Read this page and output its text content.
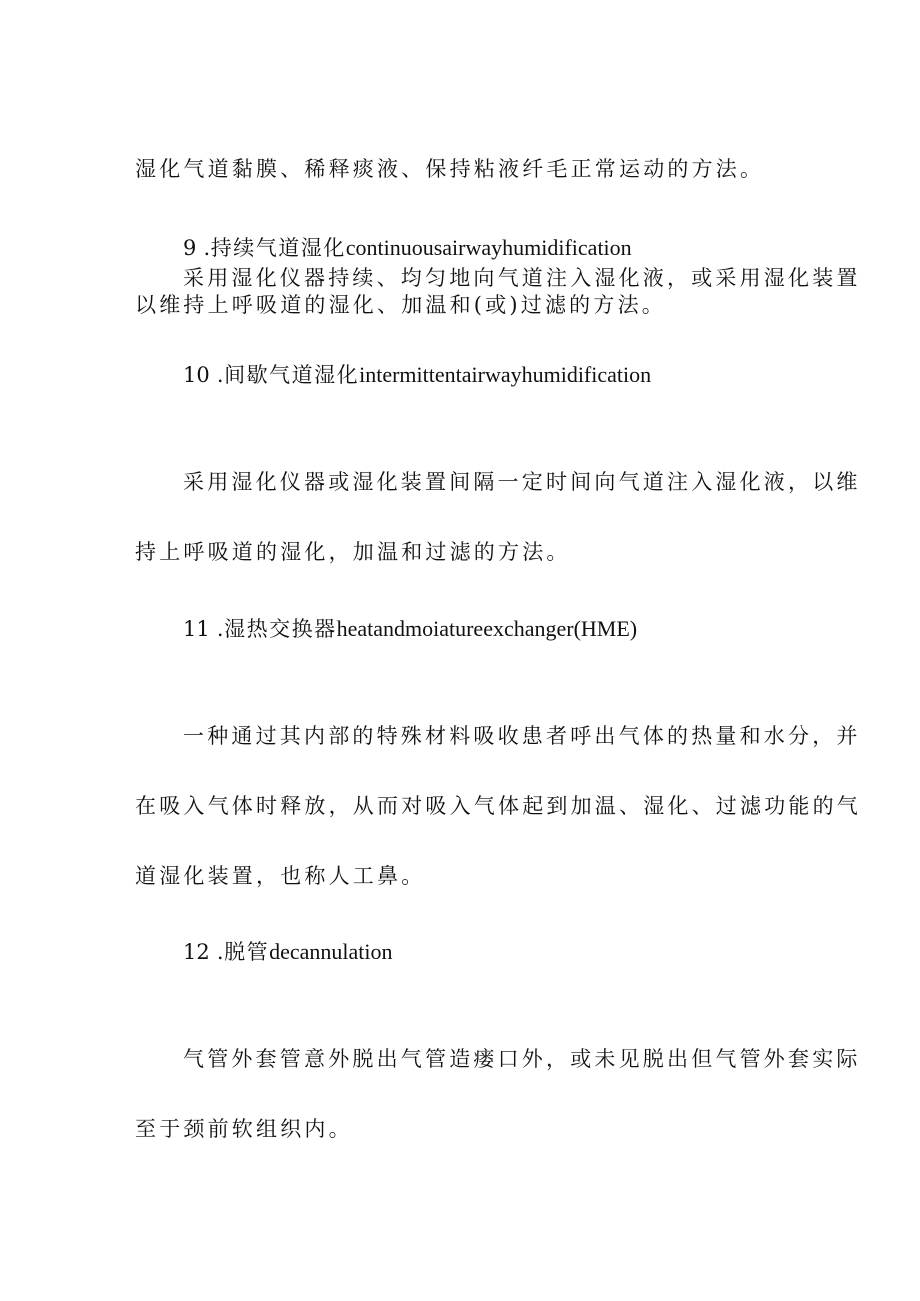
湿化气道黏膜、稀释痰液、保持粘液纤毛正常运动的方法。
9 .持续气道湿化continuousairwayhumidification
采用湿化仪器持续、均匀地向气道注入湿化液，或采用湿化装置
以维持上呼吸道的湿化、加温和(或)过滤的方法。
10 .间歇气道湿化intermittentairwayhumidification
采用湿化仪器或湿化装置间隔一定时间向气道注入湿化液，以维
持上呼吸道的湿化，加温和过滤的方法。
11 .湿热交换器heatandmoiatureexchanger(HME)
一种通过其内部的特殊材料吸收患者呼出气体的热量和水分，并
在吸入气体时释放，从而对吸入气体起到加温、湿化、过滤功能的气
道湿化装置，也称人工鼻。
12 .脱管decannulation
气管外套管意外脱出气管造瘘口外，或未见脱出但气管外套实际
至于颈前软组织内。
